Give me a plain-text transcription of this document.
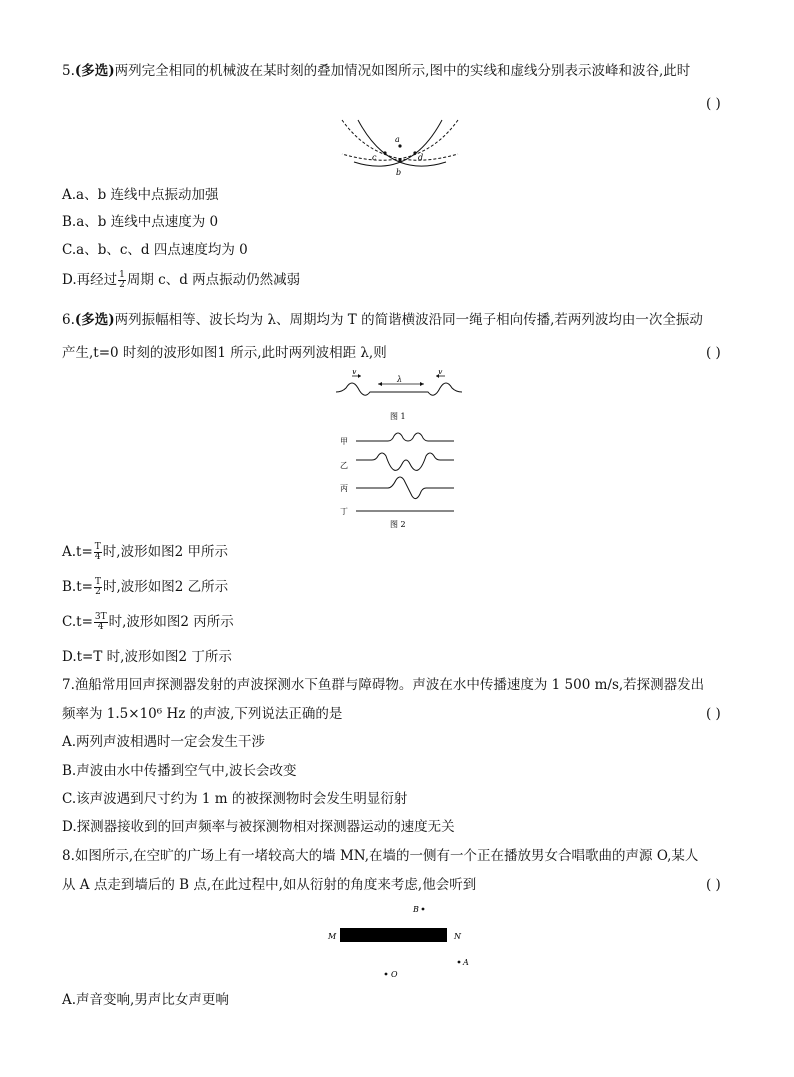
5.(多选)两列完全相同的机械波在某时刻的叠加情况如图所示,图中的实线和虚线分别表示波峰和波谷,此时
( )
a
b
c	d
A.a、b 连线中点振动加强
B.a、b 连线中点速度为 0
C.a、b、c、d 四点速度均为 0
D.再经过 $\frac{1}{2}$ 周期 c、d 两点振动仍然减弱
6.(多选)两列振幅相等、波长均为 λ、周期均为 T 的简谐横波沿同一绳子相向传播,若两列波均由一次全振动
产生,t=0 时刻的波形如图1 所示,此时两列波相距 λ,则	( )
v	v
λ
图 1
甲
乙
丙
丁
图 2
$A.t= \frac{T}{4}$ 时,波形如图2 甲所示
$B.t= \frac{T}{2}$ 时,波形如图2 乙所示
$C.t= \frac{3T}{4}$ 时,波形如图2 丙所示
D.t=T 时,波形如图2 丁所示
7.渔船常用回声探测器发射的声波探测水下鱼群与障碍物。声波在水中传播速度为 1 500 m/s,若探测器发出
频率为 1.5×10⁶ Hz 的声波,下列说法正确的是	( )
A.两列声波相遇时一定会发生干涉
B.声波由水中传播到空气中,波长会改变
C.该声波遇到尺寸约为 1 m 的被探测物时会发生明显衍射
D.探测器接收到的回声频率与被探测物相对探测器运动的速度无关
8.如图所示,在空旷的广场上有一堵较高大的墙 MN,在墙的一侧有一个正在播放男女合唱歌曲的声源 O,某人
从 A 点走到墙后的 B 点,在此过程中,如从衍射的角度来考虑,他会听到	( )
B
M	N
A
O
A.声音变响,男声比女声更响
